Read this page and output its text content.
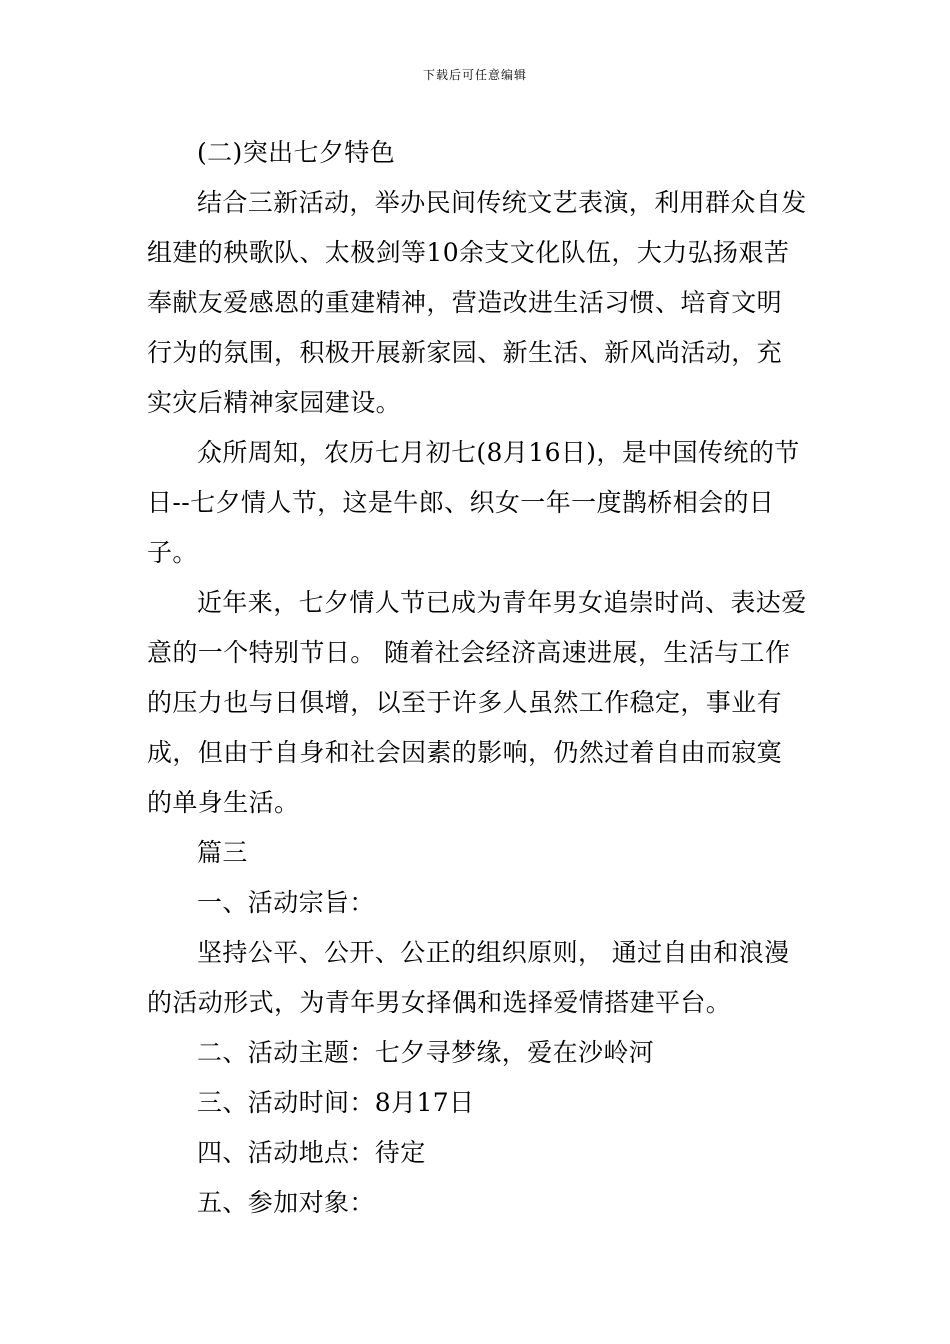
下载后可任意编辑

(二)突出七夕特色

结合三新活动，举办民间传统文艺表演，利用群众自发组建的秧歌队、太极剑等10余支文化队伍，大力弘扬艰苦奉献友爱感恩的重建精神，营造改进生活习惯、培育文明行为的氛围，积极开展新家园、新生活、新风尚活动，充实灾后精神家园建设。

众所周知，农历七月初七(8月16日)，是中国传统的节日--七夕情人节，这是牛郎、织女一年一度鹊桥相会的日子。

近年来，七夕情人节已成为青年男女追崇时尚、表达爱意的一个特别节日。 随着社会经济高速进展，生活与工作的压力也与日俱增，以至于许多人虽然工作稳定，事业有成，但由于自身和社会因素的影响，仍然过着自由而寂寞的单身生活。

篇三

一、活动宗旨：

坚持公平、公开、公正的组织原则， 通过自由和浪漫的活动形式，为青年男女择偶和选择爱情搭建平台。

二、活动主题：七夕寻梦缘，爱在沙岭河

三、活动时间：8月17日

四、活动地点：待定

五、参加对象：
